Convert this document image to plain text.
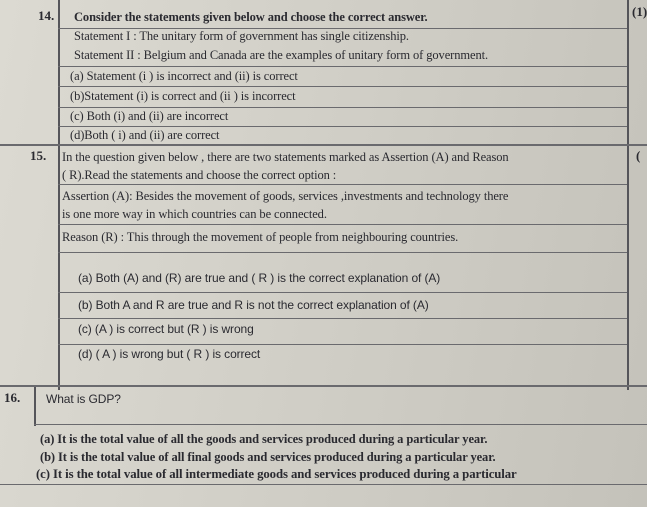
14.	(1)
Consider the statements given below and choose the correct answer.
Statement I : The unitary form of government has single citizenship.
Statement II : Belgium and Canada are the examples of unitary form of government.
(a) Statement (i ) is incorrect and (ii) is correct
(b)Statement (i) is correct and (ii ) is incorrect
(c) Both (i) and (ii) are incorrect
(d)Both ( i) and (ii) are correct
15.	(
In the question given below , there are two statements marked as Assertion (A) and Reason
( R).Read the statements and choose the correct option :
Assertion (A): Besides the movement of goods, services ,investments and technology there
is one more way in which countries can be connected.
Reason (R) : This through the movement of people from neighbouring countries.
(a) Both (A) and (R) are true and ( R ) is the correct explanation of (A)
(b) Both A and R are true and R is not the correct explanation of (A)
(c) (A ) is correct but (R ) is wrong
(d) ( A ) is wrong but ( R ) is correct
16. What is GDP?
(a) It is the total value of all the goods and services produced during a particular year.
(b) It is the total value of all final goods and services produced during a particular year.
(c) It is the total value of all intermediate goods and services produced during a particular
